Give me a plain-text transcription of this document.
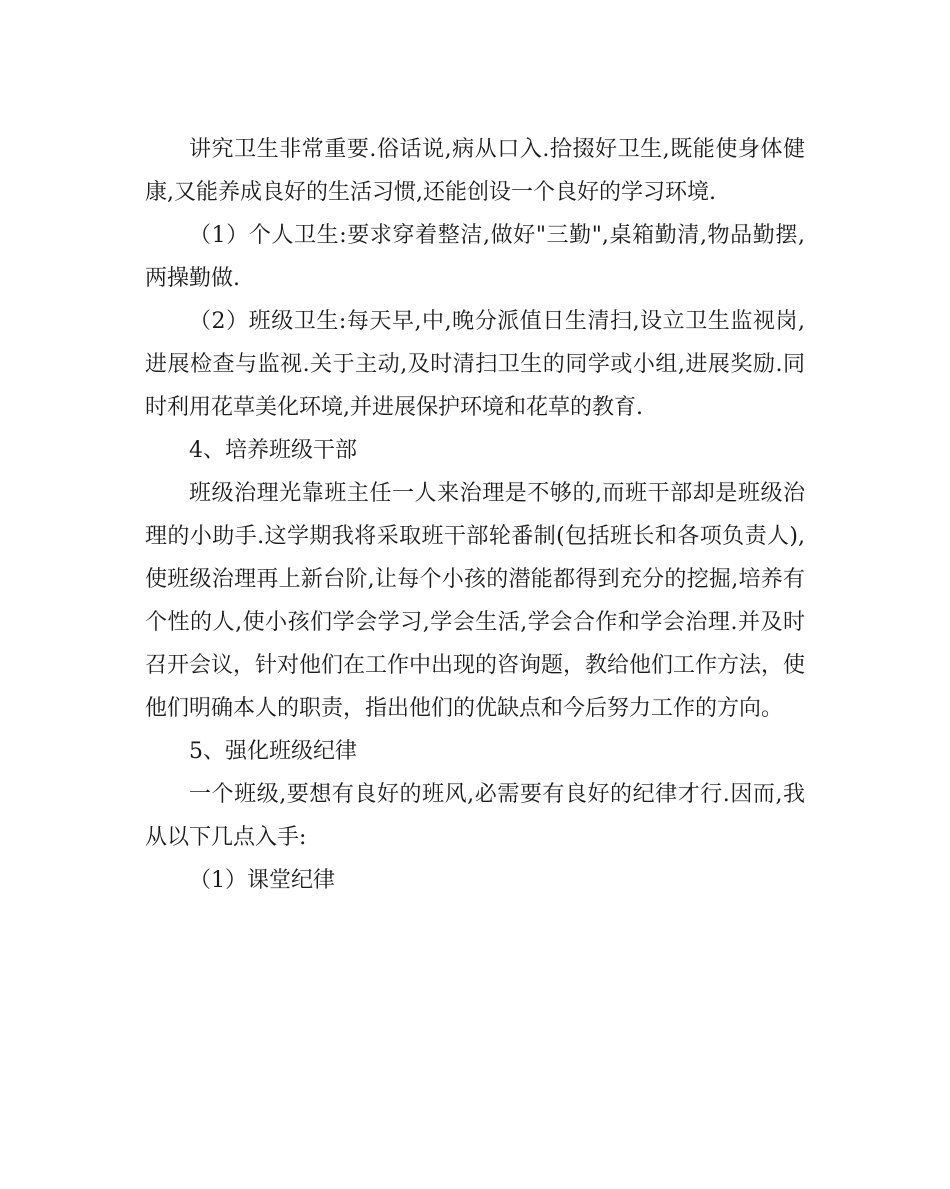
讲究卫生非常重要.俗话说,病从口入.拾掇好卫生,既能使身体健
康,又能养成良好的生活习惯,还能创设一个良好的学习环境.
（1）个人卫生:要求穿着整洁,做好"三勤",桌箱勤清,物品勤摆,
两操勤做.
（2）班级卫生:每天早,中,晚分派值日生清扫,设立卫生监视岗,
进展检查与监视.关于主动,及时清扫卫生的同学或小组,进展奖励.同
时利用花草美化环境,并进展保护环境和花草的教育.
4、培养班级干部
班级治理光靠班主任一人来治理是不够的,而班干部却是班级治
理的小助手.这学期我将采取班干部轮番制(包括班长和各项负责人),
使班级治理再上新台阶,让每个小孩的潜能都得到充分的挖掘,培养有
个性的人,使小孩们学会学习,学会生活,学会合作和学会治理.并及时
召开会议，针对他们在工作中出现的咨询题，教给他们工作方法，使
他们明确本人的职责，指出他们的优缺点和今后努力工作的方向。
5、强化班级纪律
一个班级,要想有良好的班风,必需要有良好的纪律才行.因而,我
从以下几点入手:
（1）课堂纪律
